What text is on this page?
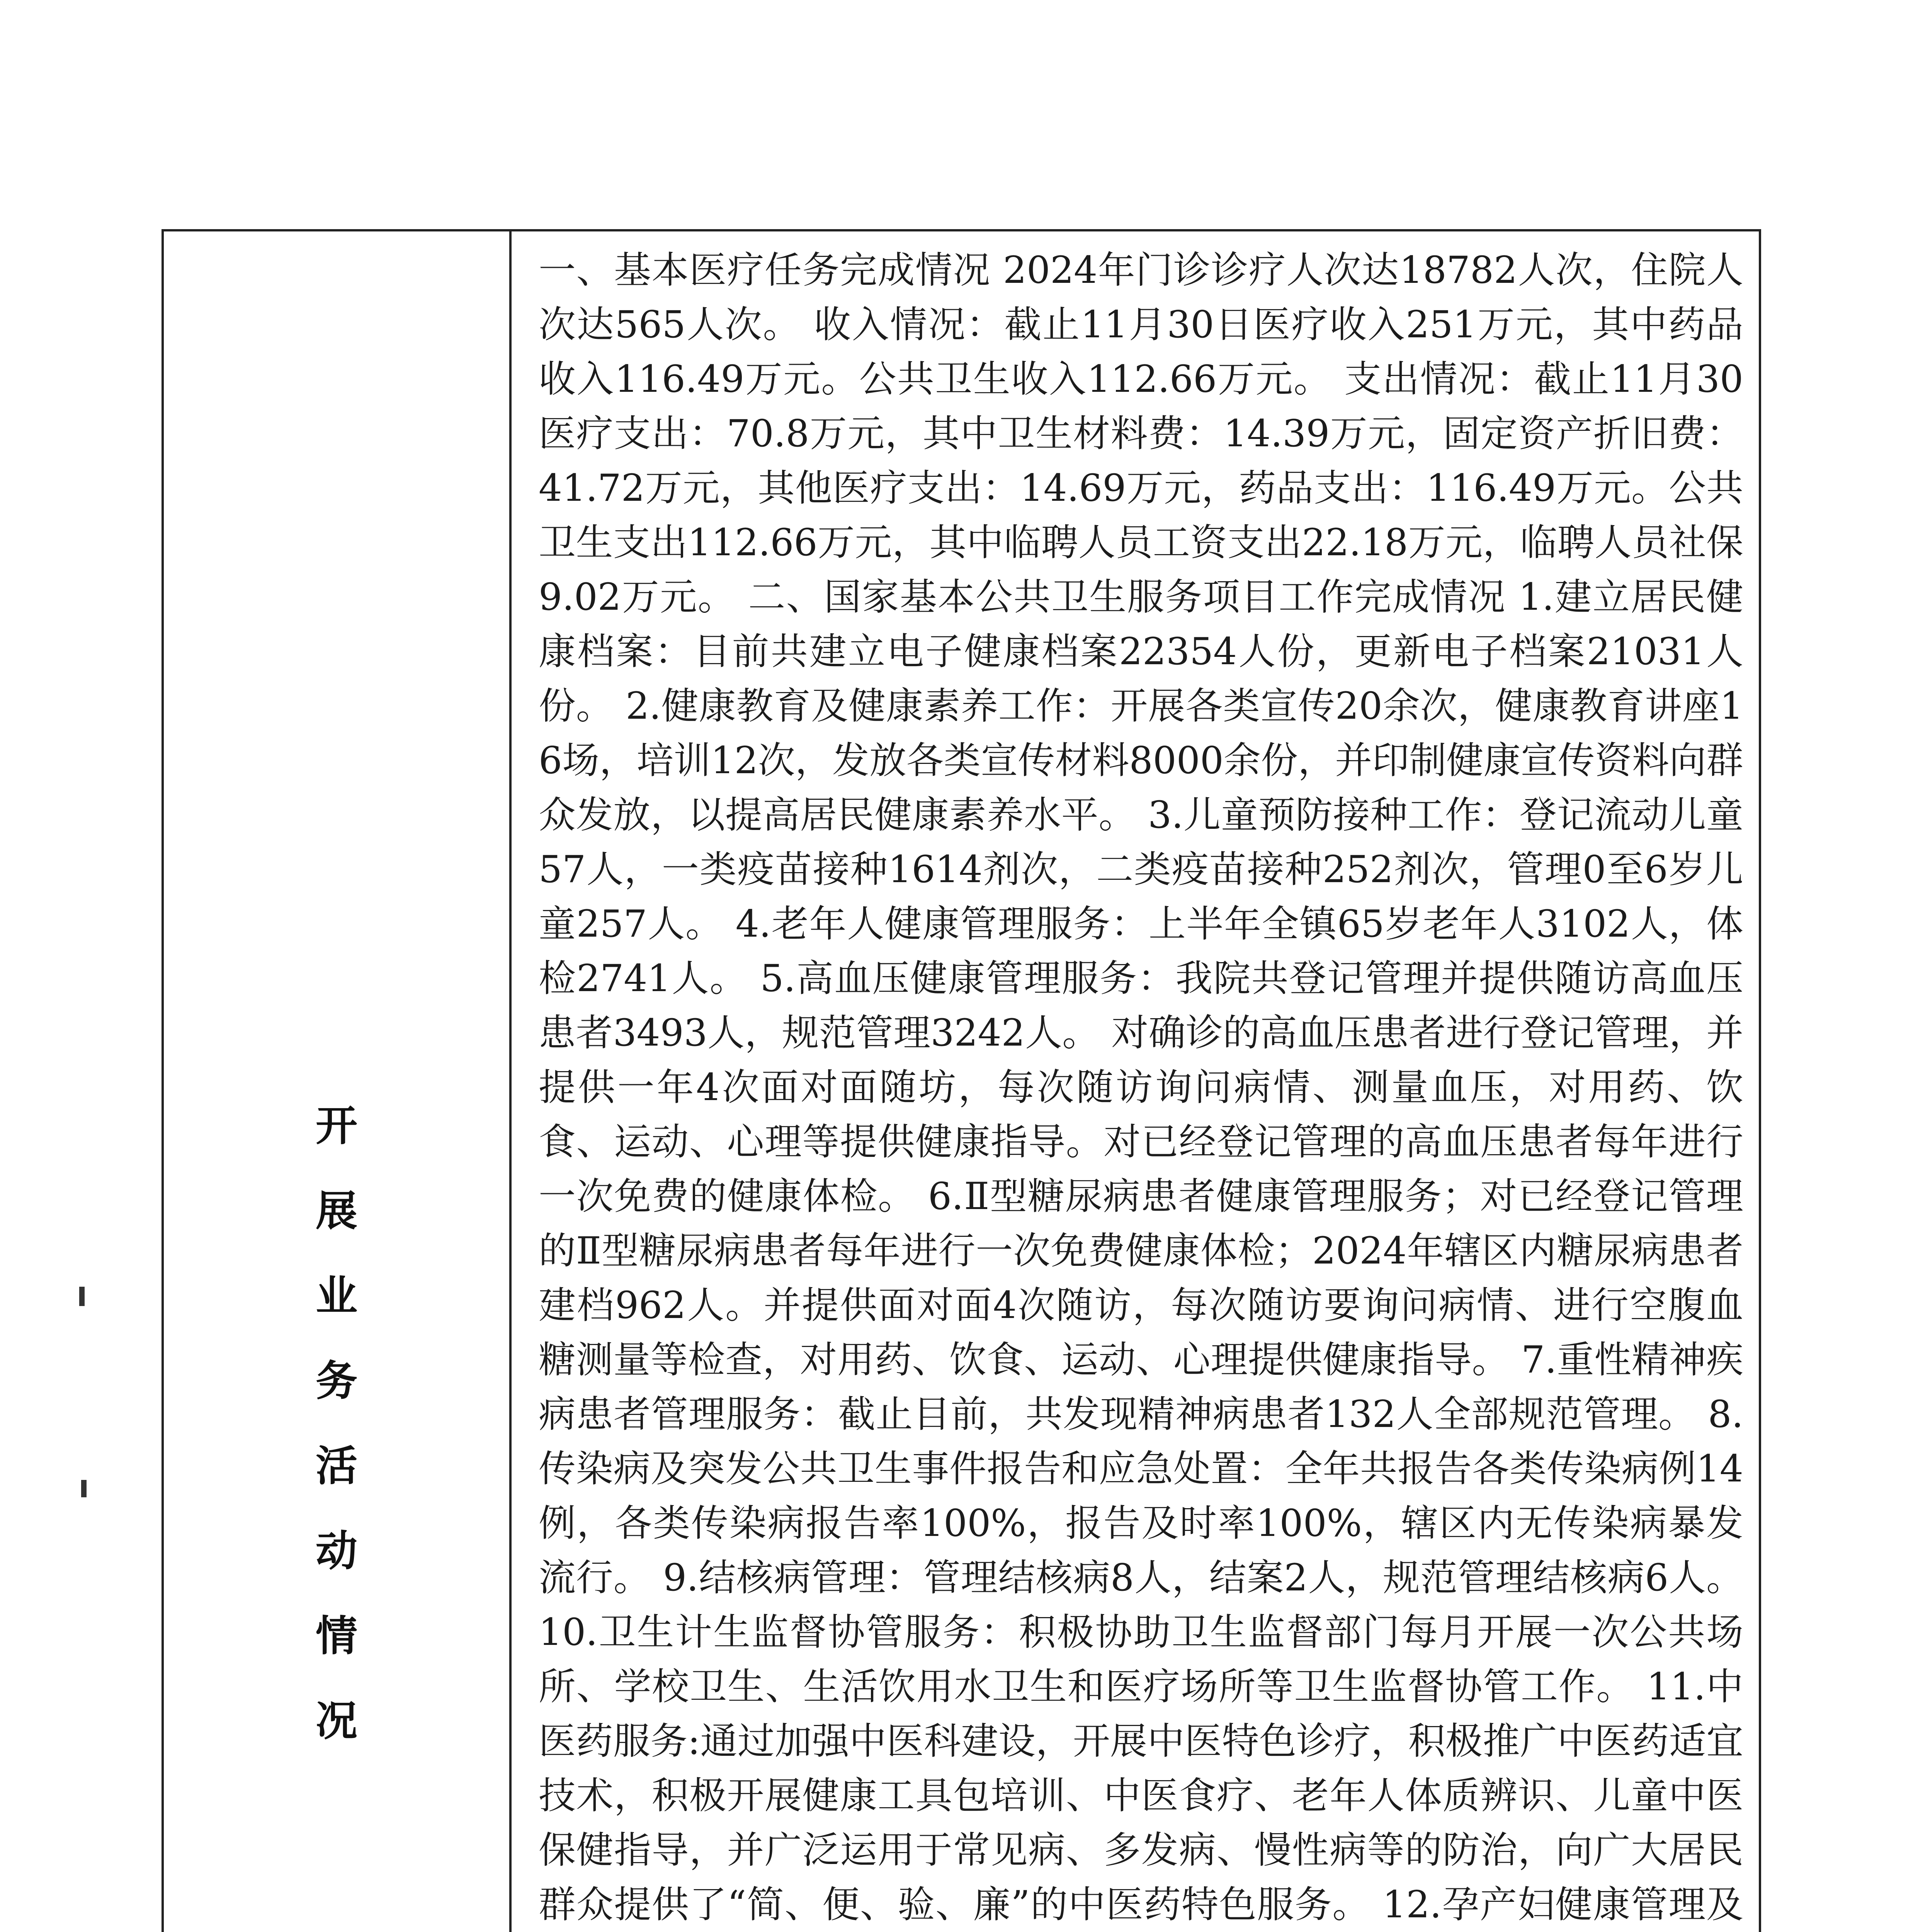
开
展
业
务
活
动
情
况

一、基本医疗任务完成情况 2024年门诊诊疗人次达18782人次，住院人次达565人次。 收入情况：截止11月30日医疗收入251万元，其中药品收入116.49万元。公共卫生收入112.66万元。 支出情况：截止11月30医疗支出：70.8万元，其中卫生材料费：14.39万元，固定资产折旧费：41.72万元，其他医疗支出：14.69万元，药品支出：116.49万元。公共卫生支出112.66万元，其中临聘人员工资支出22.18万元，临聘人员社保9.02万元。 二、国家基本公共卫生服务项目工作完成情况 1.建立居民健康档案：目前共建立电子健康档案22354人份，更新电子档案21031人份。 2.健康教育及健康素养工作：开展各类宣传20余次，健康教育讲座16场，培训12次，发放各类宣传材料8000余份，并印制健康宣传资料向群众发放，以提高居民健康素养水平。 3.儿童预防接种工作：登记流动儿童57人，一类疫苗接种1614剂次，二类疫苗接种252剂次，管理0至6岁儿童257人。 4.老年人健康管理服务：上半年全镇65岁老年人3102人，体检2741人。 5.高血压健康管理服务：我院共登记管理并提供随访高血压患者3493人，规范管理3242人。 对确诊的高血压患者进行登记管理，并提供一年4次面对面随坊，每次随访询问病情、测量血压，对用药、饮食、运动、心理等提供健康指导。对已经登记管理的高血压患者每年进行一次免费的健康体检。 6.Ⅱ型糖尿病患者健康管理服务；对已经登记管理的Ⅱ型糖尿病患者每年进行一次免费健康体检；2024年辖区内糖尿病患者建档962人。并提供面对面4次随访，每次随访要询问病情、进行空腹血糖测量等检查，对用药、饮食、运动、心理提供健康指导。 7.重性精神疾病患者管理服务：截止目前，共发现精神病患者132人全部规范管理。 8.传染病及突发公共卫生事件报告和应急处置：全年共报告各类传染病例14例，各类传染病报告率100%，报告及时率100%，辖区内无传染病暴发流行。 9.结核病管理：管理结核病8人，结案2人，规范管理结核病6人。 10.卫生计生监督协管服务：积极协助卫生监督部门每月开展一次公共场所、学校卫生、生活饮用水卫生和医疗场所等卫生监督协管工作。 11.中医药服务:通过加强中医科建设，开展中医特色诊疗，积极推广中医药适宜技术，积极开展健康工具包培训、中医食疗、老年人体质辨识、儿童中医保健指导，并广泛运用于常见病、多发病、慢性病等的防治，向广大居民群众提供了“简、便、验、廉”的中医药特色服务。 12.孕产妇健康管理及
